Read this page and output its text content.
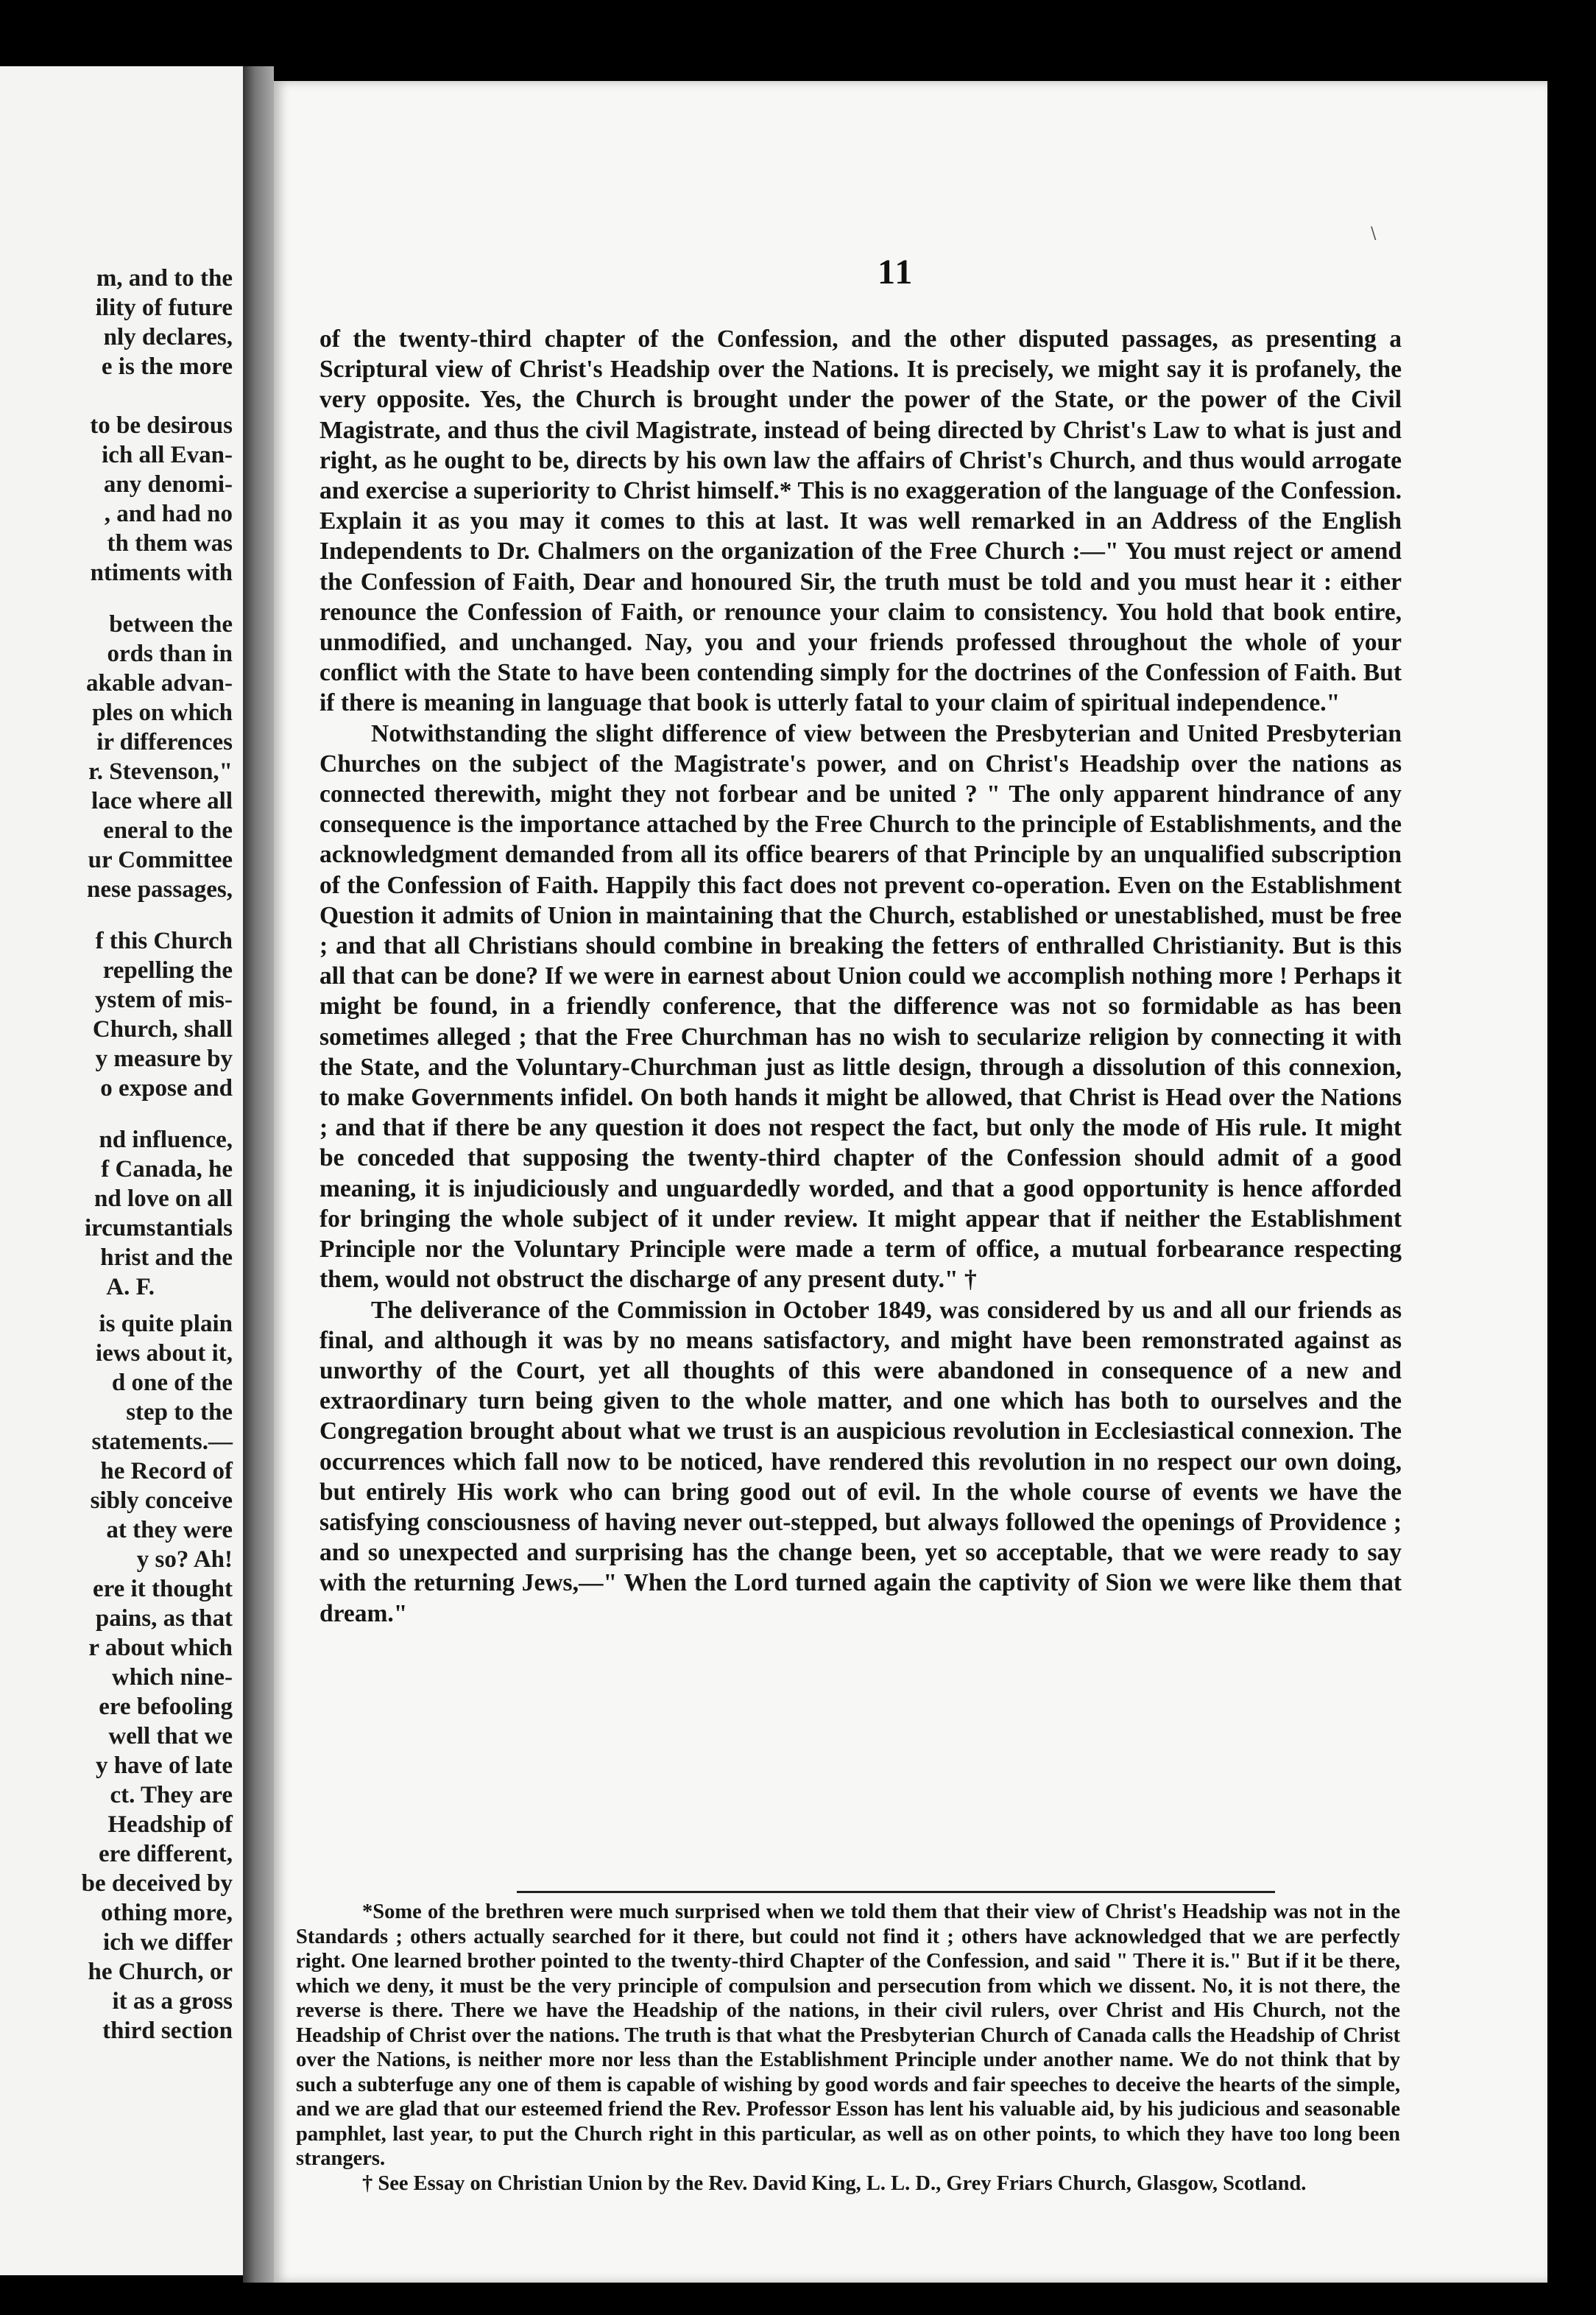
m, and to the
ility of future
nly declares,
e is the more
to be desirous
ich all Evan-
any denomi-
, and had no
th them was
ntiments with
between the
ords than in
akable advan-
ples on which
ir differences
r. Stevenson,"
lace where all
eneral to the
ur Committee
nese passages,
f this Church
repelling the
ystem of mis-
Church, shall
y measure by
o expose and
nd influence,
f Canada, he
nd love on all
ircumstantials
hrist and the
A. F.
is quite plain
iews about it,
d one of the
step to the
statements.—
he Record of
sibly conceive
at they were
y so? Ah!
ere it thought
pains, as that
r about which
which nine-
ere befooling
well that we
y have of late
ct. They are
Headship of
ere different,
be deceived by
othing more,
ich we differ
he Church, or
it as a gross
third section
\
11

of the twenty-third chapter of the Confession, and the other disputed passages, as presenting a Scriptural view of Christ's Headship over the Nations. It is precisely, we might say it is profanely, the very opposite. Yes, the Church is brought under the power of the State, or the power of the Civil Magistrate, and thus the civil Magistrate, instead of being directed by Christ's Law to what is just and right, as he ought to be, directs by his own law the affairs of Christ's Church, and thus would arrogate and exercise a superiority to Christ himself.* This is no exaggeration of the language of the Confession. Explain it as you may it comes to this at last. It was well remarked in an Address of the English Independents to Dr. Chalmers on the organization of the Free Church :—" You must reject or amend the Confession of Faith, Dear and honoured Sir, the truth must be told and you must hear it : either renounce the Confession of Faith, or renounce your claim to consistency. You hold that book entire, unmodified, and unchanged. Nay, you and your friends professed throughout the whole of your conflict with the State to have been contending simply for the doctrines of the Confession of Faith. But if there is meaning in language that book is utterly fatal to your claim of spiritual independence."

Notwithstanding the slight difference of view between the Presbyterian and United Presbyterian Churches on the subject of the Magistrate's power, and on Christ's Headship over the nations as connected therewith, might they not forbear and be united ? " The only apparent hindrance of any consequence is the importance attached by the Free Church to the principle of Establishments, and the acknowledgment demanded from all its office bearers of that Principle by an unqualified subscription of the Confession of Faith. Happily this fact does not prevent co-operation. Even on the Establishment Question it admits of Union in maintaining that the Church, established or unestablished, must be free ; and that all Christians should combine in breaking the fetters of enthralled Christianity. But is this all that can be done? If we were in earnest about Union could we accomplish nothing more ! Perhaps it might be found, in a friendly conference, that the difference was not so formidable as has been sometimes alleged ; that the Free Churchman has no wish to secularize religion by connecting it with the State, and the Voluntary-Churchman just as little design, through a dissolution of this connexion, to make Governments infidel. On both hands it might be allowed, that Christ is Head over the Nations ; and that if there be any question it does not respect the fact, but only the mode of His rule. It might be conceded that supposing the twenty-third chapter of the Confession should admit of a good meaning, it is injudiciously and unguardedly worded, and that a good opportunity is hence afforded for bringing the whole subject of it under review. It might appear that if neither the Establishment Principle nor the Voluntary Principle were made a term of office, a mutual forbearance respecting them, would not obstruct the discharge of any present duty." †

The deliverance of the Commission in October 1849, was considered by us and all our friends as final, and although it was by no means satisfactory, and might have been remonstrated against as unworthy of the Court, yet all thoughts of this were abandoned in consequence of a new and extraordinary turn being given to the whole matter, and one which has both to ourselves and the Congregation brought about what we trust is an auspicious revolution in Ecclesiastical connexion. The occurrences which fall now to be noticed, have rendered this revolution in no respect our own doing, but entirely His work who can bring good out of evil. In the whole course of events we have the satisfying consciousness of having never out-stepped, but always followed the openings of Providence ; and so unexpected and surprising has the change been, yet so acceptable, that we were ready to say with the returning Jews,—" When the Lord turned again the captivity of Sion we were like them that dream."

*Some of the brethren were much surprised when we told them that their view of Christ's Headship was not in the Standards ; others actually searched for it there, but could not find it ; others have acknowledged that we are perfectly right. One learned brother pointed to the twenty-third Chapter of the Confession, and said " There it is." But if it be there, which we deny, it must be the very principle of compulsion and persecution from which we dissent. No, it is not there, the reverse is there. There we have the Headship of the nations, in their civil rulers, over Christ and His Church, not the Headship of Christ over the nations. The truth is that what the Presbyterian Church of Canada calls the Headship of Christ over the Nations, is neither more nor less than the Establishment Principle under another name. We do not think that by such a subterfuge any one of them is capable of wishing by good words and fair speeches to deceive the hearts of the simple, and we are glad that our esteemed friend the Rev. Professor Esson has lent his valuable aid, by his judicious and seasonable pamphlet, last year, to put the Church right in this particular, as well as on other points, to which they have too long been strangers.

† See Essay on Christian Union by the Rev. David King, L. L. D., Grey Friars Church, Glasgow, Scotland.
